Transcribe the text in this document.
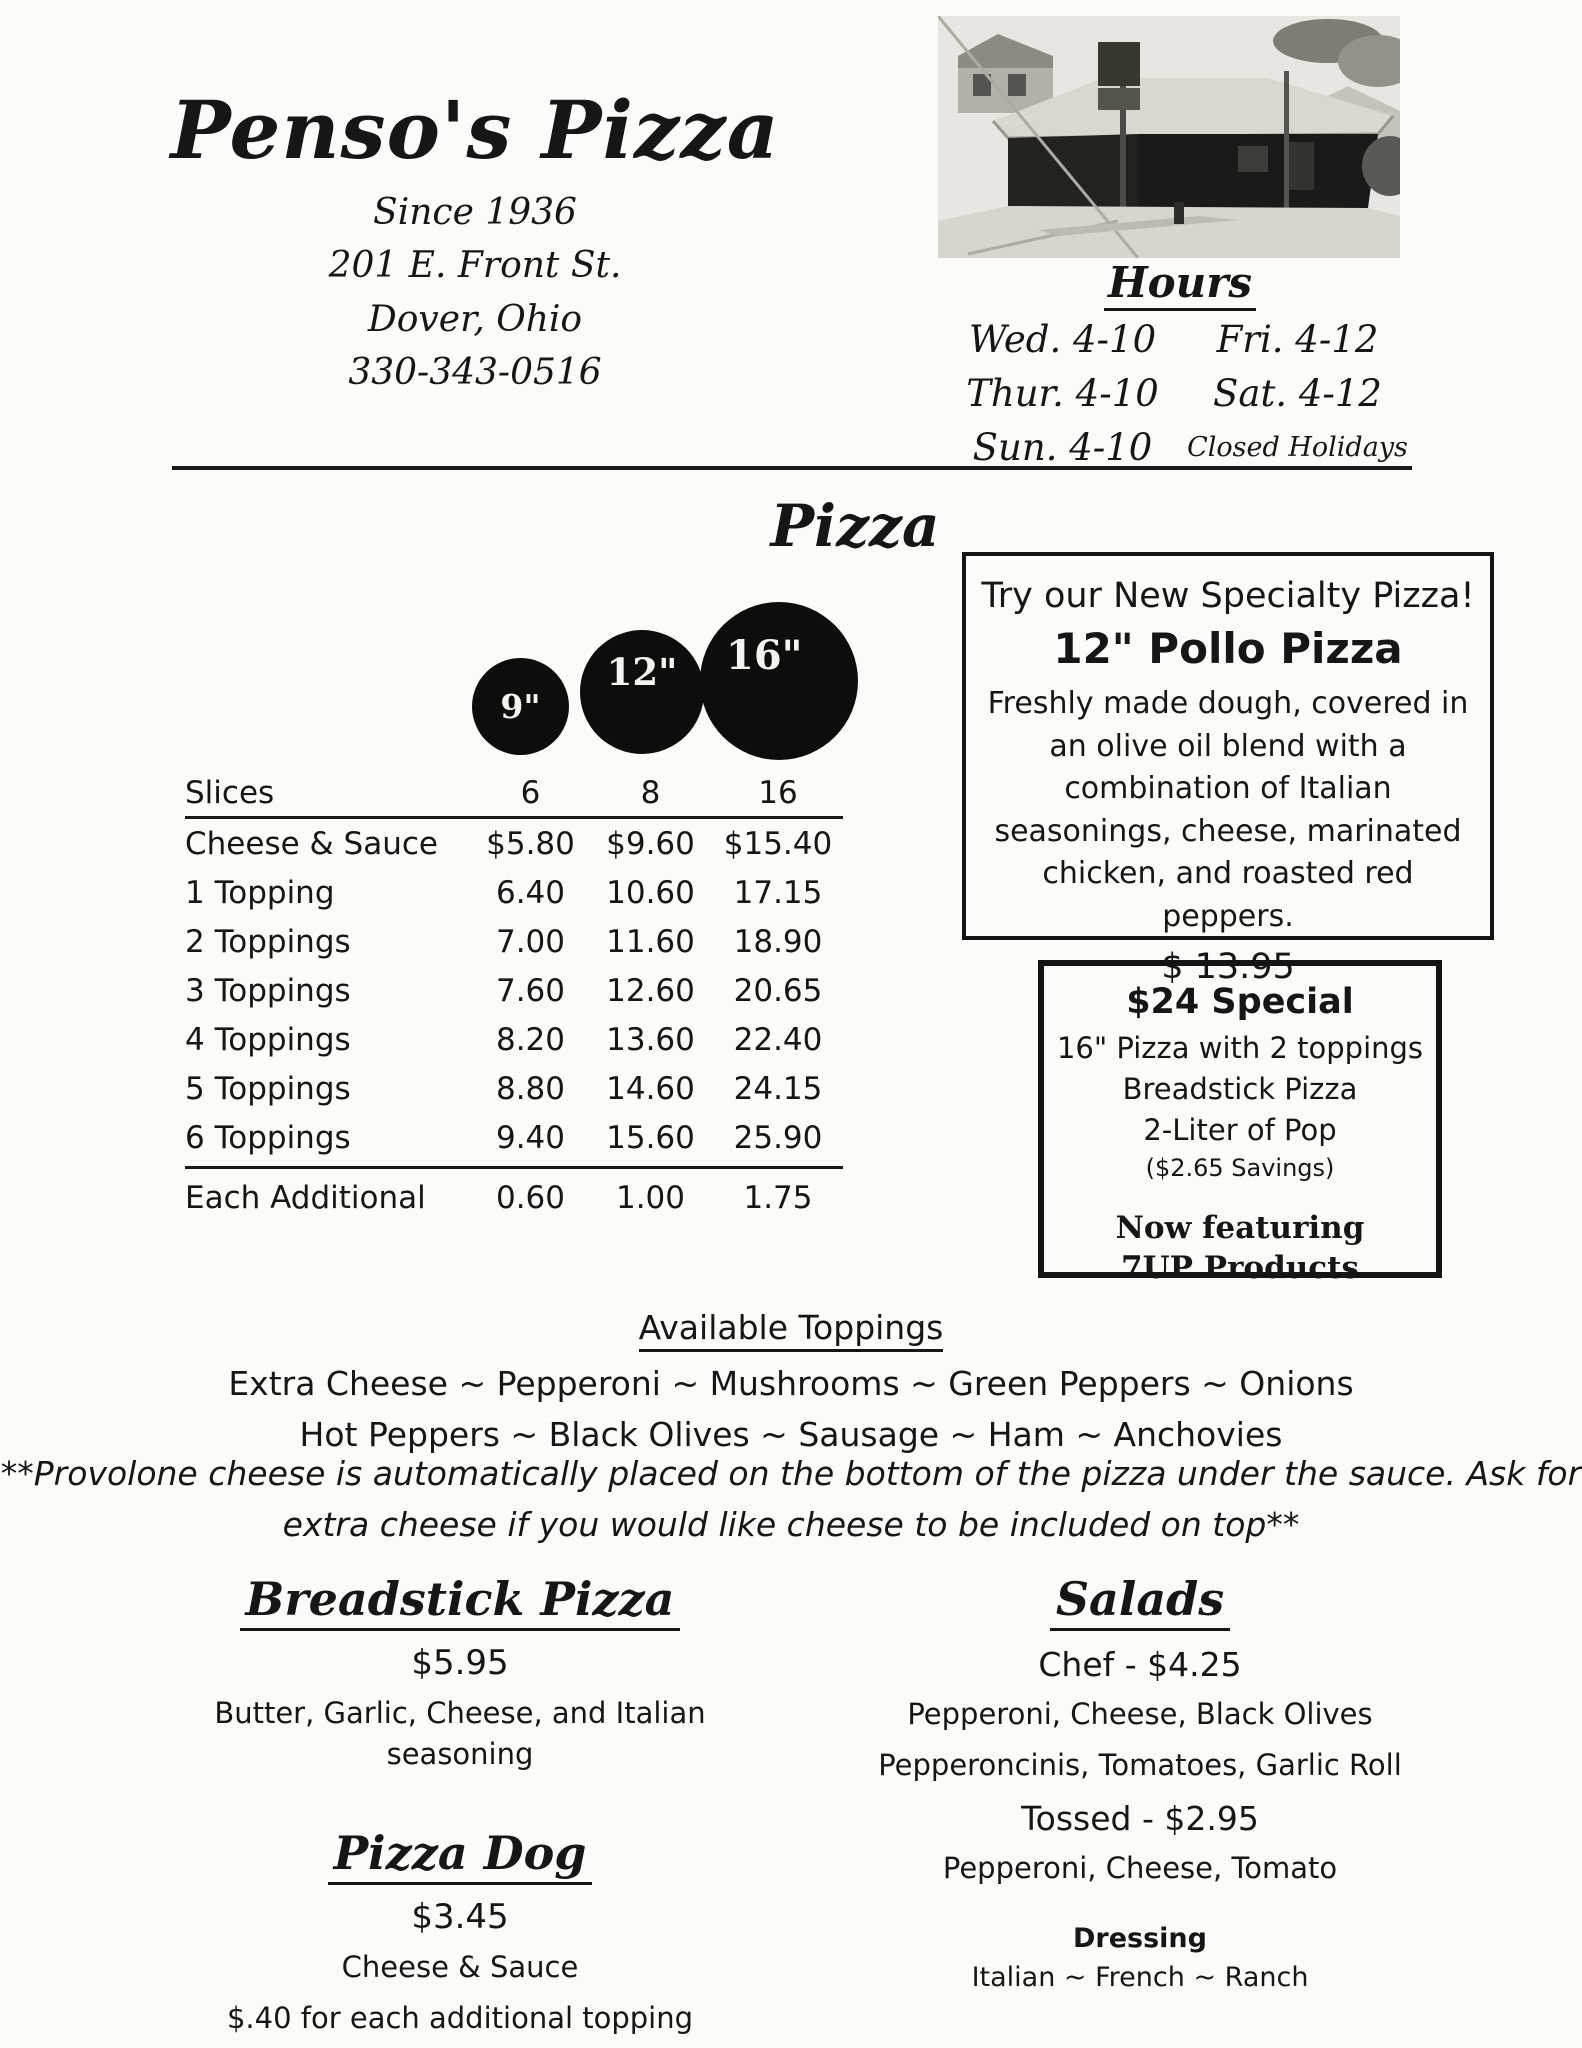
Penso's Pizza
Since 1936
201 E. Front St.
Dover, Ohio
330-343-0516
Hours
Wed. 4-10	Fri. 4-12
Thur. 4-10	Sat. 4-12
Sun. 4-10	Closed Holidays
Pizza
9"
12" 16"
Slices	6	8	16
Cheese & Sauce	$5.80	$9.60 $15.40
1 Topping	6.40	10.60	17.15
2 Toppings	7.00	11.60	18.90
3 Toppings	7.60	12.60	20.65
4 Toppings	8.20	13.60	22.40
5 Toppings	8.80	14.60	24.15
6 Toppings	9.40	15.60	25.90
Each Additional	0.60	1.00	1.75
Try our New Specialty Pizza!
12" Pollo Pizza
Freshly made dough, covered in an olive oil blend with a combination of Italian seasonings, cheese, marinated chicken, and roasted red peppers.
$ 13.95
$24 Special
16" Pizza with 2 toppings
Breadstick Pizza
2-Liter of Pop
($2.65 Savings)
Now featuring 7UP Products
Available Toppings
Extra Cheese ~ Pepperoni ~ Mushrooms ~ Green Peppers ~ Onions
Hot Peppers ~ Black Olives ~ Sausage ~ Ham ~ Anchovies
**Provolone cheese is automatically placed on the bottom of the pizza under the sauce. Ask for
extra cheese if you would like cheese to be included on top**
Breadstick Pizza
$5.95
Butter, Garlic, Cheese, and Italian seasoning
Pizza Dog
$3.45
Cheese & Sauce
$.40 for each additional topping
Salads
Chef - $4.25
Pepperoni, Cheese, Black Olives
Pepperoncinis, Tomatoes, Garlic Roll
Tossed - $2.95
Pepperoni, Cheese, Tomato
Dressing
Italian ~ French ~ Ranch
